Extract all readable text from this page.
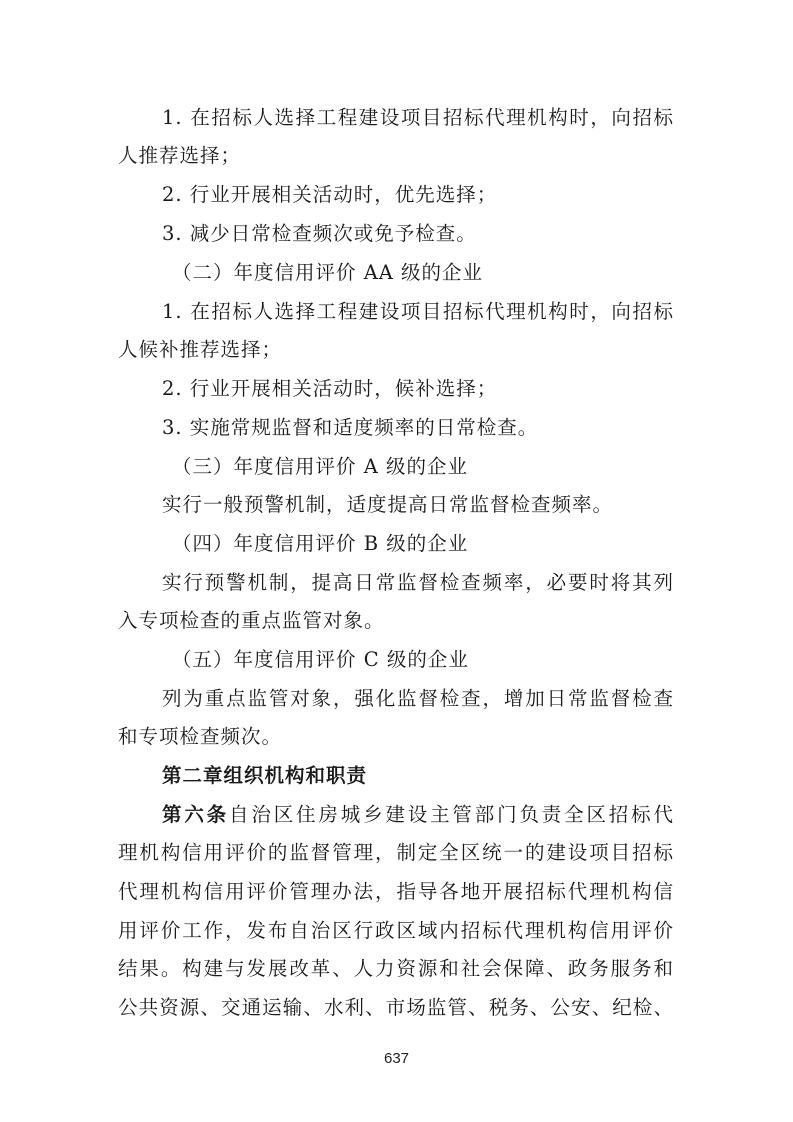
1. 在招标人选择工程建设项目招标代理机构时，向招标
人推荐选择；
2. 行业开展相关活动时，优先选择；
3. 减少日常检查频次或免予检查。
（二）年度信用评价 AA 级的企业
1. 在招标人选择工程建设项目招标代理机构时，向招标
人候补推荐选择；
2. 行业开展相关活动时，候补选择；
3. 实施常规监督和适度频率的日常检查。
（三）年度信用评价 A 级的企业
实行一般预警机制，适度提高日常监督检查频率。
（四）年度信用评价 B 级的企业
实行预警机制，提高日常监督检查频率，必要时将其列
入专项检查的重点监管对象。
（五）年度信用评价 C 级的企业
列为重点监管对象，强化监督检查，增加日常监督检查
和专项检查频次。
第二章组织机构和职责
第六条自治区住房城乡建设主管部门负责全区招标代
理机构信用评价的监督管理，制定全区统一的建设项目招标
代理机构信用评价管理办法，指导各地开展招标代理机构信
用评价工作，发布自治区行政区域内招标代理机构信用评价
结果。构建与发展改革、人力资源和社会保障、政务服务和
公共资源、交通运输、水利、市场监管、税务、公安、纪检、
637
